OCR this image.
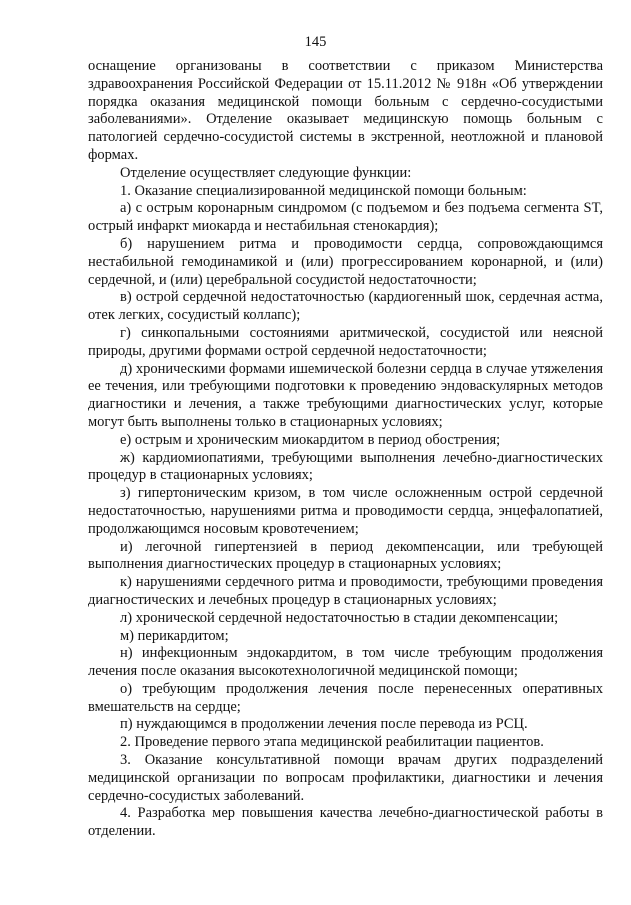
145

оснащение организованы в соответствии с приказом Министерства здравоохранения Российской Федерации от 15.11.2012 № 918н «Об утверждении порядка оказания медицинской помощи больным с сердечно-сосудистыми заболеваниями». Отделение оказывает медицинскую помощь больным с патологией сердечно-сосудистой системы в экстренной, неотложной и плановой формах.

Отделение осуществляет следующие функции:

1. Оказание специализированной медицинской помощи больным:

а) с острым коронарным синдромом (с подъемом и без подъема сегмента ST, острый инфаркт миокарда и нестабильная стенокардия);

б) нарушением ритма и проводимости сердца, сопровождающимся нестабильной гемодинамикой и (или) прогрессированием коронарной, и (или) сердечной, и (или) церебральной сосудистой недостаточности;

в) острой сердечной недостаточностью (кардиогенный шок, сердечная астма, отек легких, сосудистый коллапс);

г) синкопальными состояниями аритмической, сосудистой или неясной природы, другими формами острой сердечной недостаточности;

д) хроническими формами ишемической болезни сердца в случае утяжеления ее течения, или требующими подготовки к проведению эндоваскулярных методов диагностики и лечения, а также требующими диагностических услуг, которые могут быть выполнены только в стационарных условиях;

е) острым и хроническим миокардитом в период обострения;

ж) кардиомиопатиями, требующими выполнения лечебно-диагностических процедур в стационарных условиях;

з) гипертоническим кризом, в том числе осложненным острой сердечной недостаточностью, нарушениями ритма и проводимости сердца, энцефалопатией, продолжающимся носовым кровотечением;

и) легочной гипертензией в период декомпенсации, или требующей выполнения диагностических процедур в стационарных условиях;

к) нарушениями сердечного ритма и проводимости, требующими проведения диагностических и лечебных процедур в стационарных условиях;

л) хронической сердечной недостаточностью в стадии декомпенсации;

м) перикардитом;

н) инфекционным эндокардитом, в том числе требующим продолжения лечения после оказания высокотехнологичной медицинской помощи;

о) требующим продолжения лечения после перенесенных оперативных вмешательств на сердце;

п) нуждающимся в продолжении лечения после перевода из РСЦ.

2. Проведение первого этапа медицинской реабилитации пациентов.

3. Оказание консультативной помощи врачам других подразделений медицинской организации по вопросам профилактики, диагностики и лечения сердечно-сосудистых заболеваний.

4. Разработка мер повышения качества лечебно-диагностической работы в отделении.
